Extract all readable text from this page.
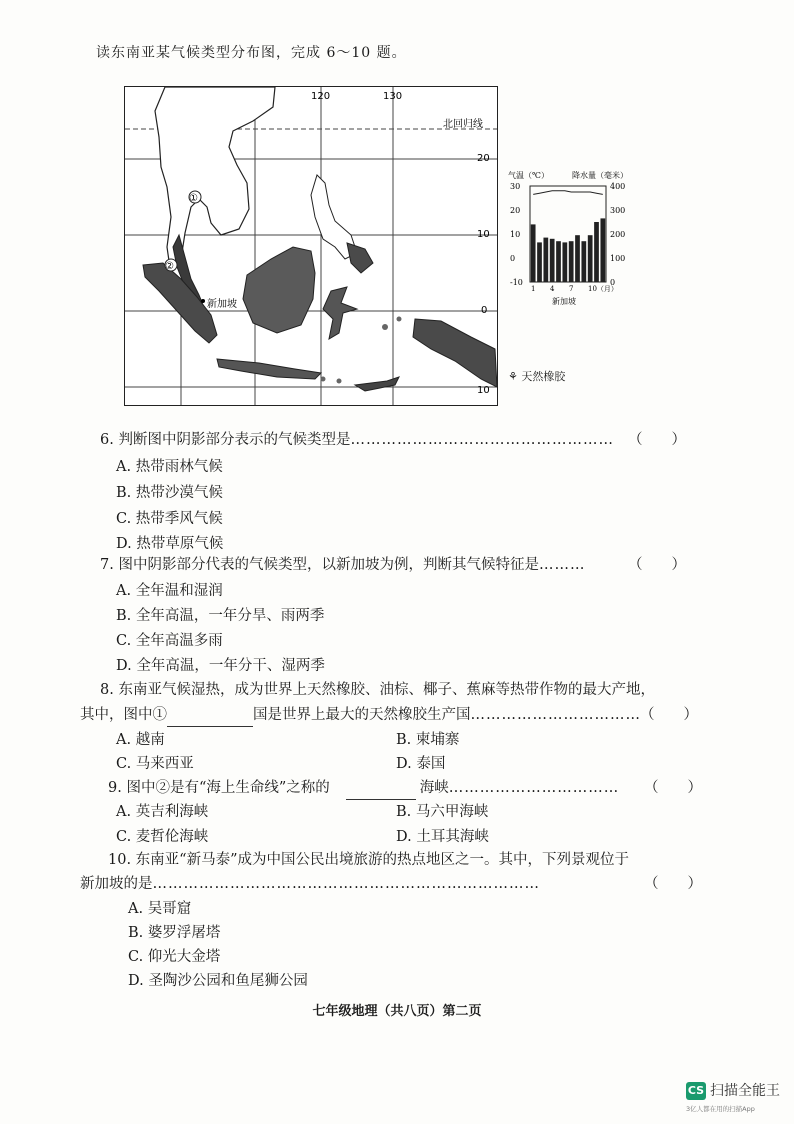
读东南亚某气候类型分布图，完成 6～10 题。
120	130
20
10
0
10
北回归线
①
②
新加坡
气温（℃）	降水量（毫米）
30
20
10
0
-10
400
300
200
100
0
1 4 7 10（月）
新加坡
⚘ 天然橡胶
6. 判断图中阴影部分表示的气候类型是…………………………………………… （　　）
A. 热带雨林气候
B. 热带沙漠气候
C. 热带季风气候
D. 热带草原气候
7. 图中阴影部分代表的气候类型，以新加坡为例，判断其气候特征是………	（　　）
A. 全年温和湿润
B. 全年高温，一年分旱、雨两季
C. 全年高温多雨
D. 全年高温，一年分干、湿两季
8. 东南亚气候湿热，成为世界上天然橡胶、油棕、椰子、蕉麻等热带作物的最大产地，
其中，图中①	国是世界上最大的天然橡胶生产国…………………………… （　　）
A. 越南	B. 柬埔寨
C. 马来西亚	D. 泰国
9. 图中②是有“海上生命线”之称的	海峡…………………………… （　　）
A. 英吉利海峡	B. 马六甲海峡
C. 麦哲伦海峡	D. 土耳其海峡
10. 东南亚“新马泰”成为中国公民出境旅游的热点地区之一。其中，下列景观位于
新加坡的是…………………………………………………………………	（　　）
A. 吴哥窟
B. 婆罗浮屠塔
C. 仰光大金塔
D. 圣陶沙公园和鱼尾狮公园
七年级地理（共八页）第二页
CS 扫描全能王
3亿人都在用的扫描App
